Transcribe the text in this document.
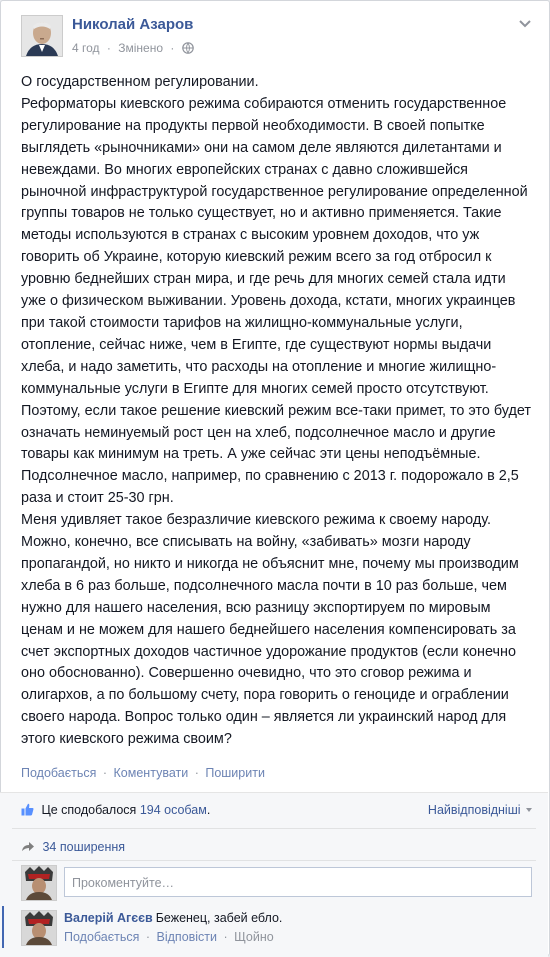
Николай Азаров
4 год · Змінено ·

О государственном регулировании.

Реформаторы киевского режима собираются отменить государственное регулирование на продукты первой необходимости. В своей попытке выглядеть «рыночниками» они на самом деле являются дилетантами и невеждами. Во многих европейских странах с давно сложившейся рыночной инфраструктурой государственное регулирование определенной группы товаров не только существует, но и активно применяется. Такие методы используются в странах с высоким уровнем доходов, что уж говорить об Украине, которую киевский режим всего за год отбросил к уровню беднейших стран мира, и где речь для многих семей стала идти уже о физическом выживании. Уровень дохода, кстати, многих украинцев при такой стоимости тарифов на жилищно-коммунальные услуги, отопление, сейчас ниже, чем в Египте, где существуют нормы выдачи хлеба, и надо заметить, что расходы на отопление и многие жилищно-коммунальные услуги в Египте для многих семей просто отсутствуют.

Поэтому, если такое решение киевский режим все-таки примет, то это будет означать неминуемый рост цен на хлеб, подсолнечное масло и другие товары как минимум на треть. А уже сейчас эти цены неподъёмные. Подсолнечное масло, например, по сравнению с 2013 г. подорожало в 2,5 раза и стоит 25-30 грн.

Меня удивляет такое безразличие киевского режима к своему народу. Можно, конечно, все списывать на войну, «забивать» мозги народу пропагандой, но никто и никогда не объяснит мне, почему мы производим хлеба в 6 раз больше, подсолнечного масла почти в 10 раз больше, чем нужно для нашего населения, всю разницу экспортируем по мировым ценам и не можем для нашего беднейшего населения компенсировать за счет экспортных доходов частичное удорожание продуктов (если конечно оно обоснованно). Совершенно очевидно, что это сговор режима и олигархов, а по большому счету, пора говорить о геноциде и ограблении своего народа. Вопрос только один – является ли украинский народ для этого киевского режима своим?

Подобається · Коментувати · Поширити
Це сподобалося 194 особам.	Найвідповідніші
34 поширення
Прокоментуйте…
Валерій Агєєв Беженец, забей ебло.
Подобається · Відповісти · Щойно
